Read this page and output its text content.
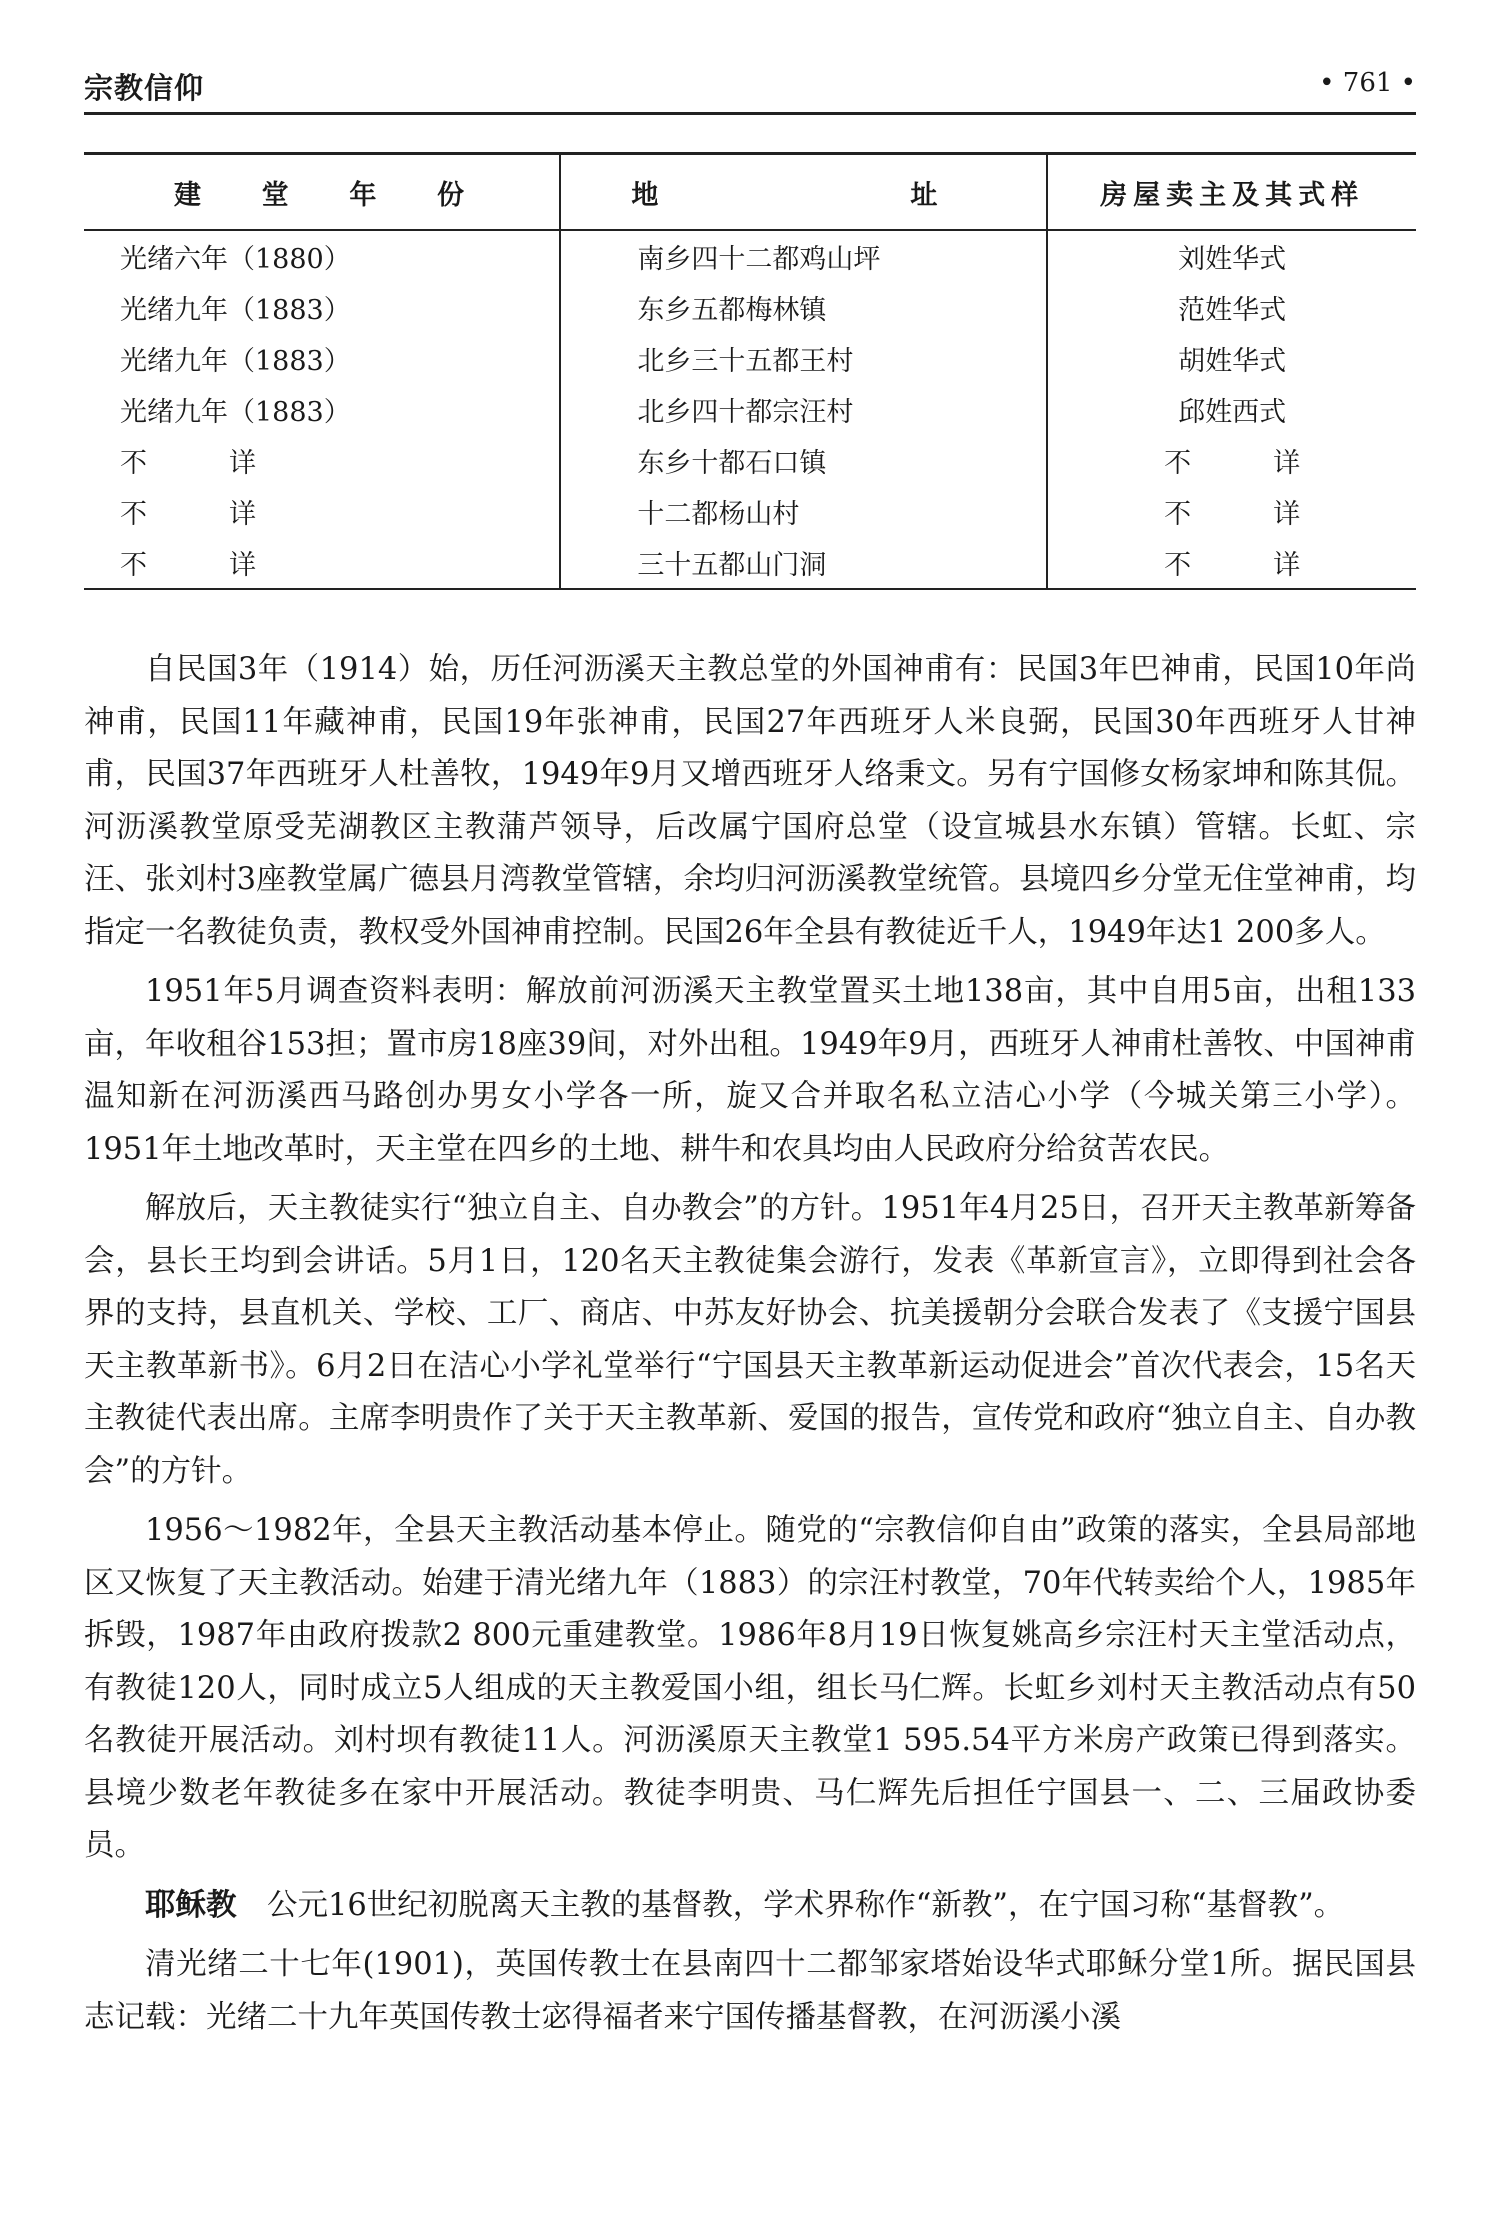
宗教信仰	• 761 •
建堂年份	地址	房屋卖主及其式样
光绪六年（1880）	南乡四十二都鸡山坪	刘姓华式
光绪九年（1883）	东乡五都梅林镇	范姓华式
光绪九年（1883）	北乡三十五都王村	胡姓华式
光绪九年（1883）	北乡四十都宗汪村	邱姓西式
不详	东乡十都石口镇	不详
不详	十二都杨山村	不详
不详	三十五都山门洞	不详

自民国3年（1914）始，历任河沥溪天主教总堂的外国神甫有：民国3年巴神甫，民国10年尚神甫，民国11年藏神甫，民国19年张神甫，民国27年西班牙人米良弼，民国30年西班牙人甘神甫，民国37年西班牙人杜善牧，1949年9月又增西班牙人络秉文。另有宁国修女杨家坤和陈其侃。河沥溪教堂原受芜湖教区主教蒲芦领导，后改属宁国府总堂（设宣城县水东镇）管辖。长虹、宗汪、张刘村3座教堂属广德县月湾教堂管辖，余均归河沥溪教堂统管。县境四乡分堂无住堂神甫，均指定一名教徒负责，教权受外国神甫控制。民国26年全县有教徒近千人，1949年达1 200多人。

1951年5月调查资料表明：解放前河沥溪天主教堂置买土地138亩，其中自用5亩，出租133亩，年收租谷153担；置市房18座39间，对外出租。1949年9月，西班牙人神甫杜善牧、中国神甫温知新在河沥溪西马路创办男女小学各一所，旋又合并取名私立洁心小学（今城关第三小学）。1951年土地改革时，天主堂在四乡的土地、耕牛和农具均由人民政府分给贫苦农民。

解放后，天主教徒实行“独立自主、自办教会”的方针。1951年4月25日，召开天主教革新筹备会，县长王均到会讲话。5月1日，120名天主教徒集会游行，发表《革新宣言》，立即得到社会各界的支持，县直机关、学校、工厂、商店、中苏友好协会、抗美援朝分会联合发表了《支援宁国县天主教革新书》。6月2日在洁心小学礼堂举行“宁国县天主教革新运动促进会”首次代表会，15名天主教徒代表出席。主席李明贵作了关于天主教革新、爱国的报告，宣传党和政府“独立自主、自办教会”的方针。

1956～1982年，全县天主教活动基本停止。随党的“宗教信仰自由”政策的落实，全县局部地区又恢复了天主教活动。始建于清光绪九年（1883）的宗汪村教堂，70年代转卖给个人，1985年拆毁，1987年由政府拨款2 800元重建教堂。1986年8月19日恢复姚高乡宗汪村天主堂活动点，有教徒120人，同时成立5人组成的天主教爱国小组，组长马仁辉。长虹乡刘村天主教活动点有50名教徒开展活动。刘村坝有教徒11人。河沥溪原天主教堂1 595.54平方米房产政策已得到落实。县境少数老年教徒多在家中开展活动。教徒李明贵、马仁辉先后担任宁国县一、二、三届政协委员。

耶稣教　 公元16世纪初脱离天主教的基督教，学术界称作“新教”，在宁国习称“基督教”。

清光绪二十七年(1901)，英国传教士在县南四十二都邹家塔始设华式耶稣分堂1所。据民国县志记载：光绪二十九年英国传教士宓得福者来宁国传播基督教，在河沥溪小溪
